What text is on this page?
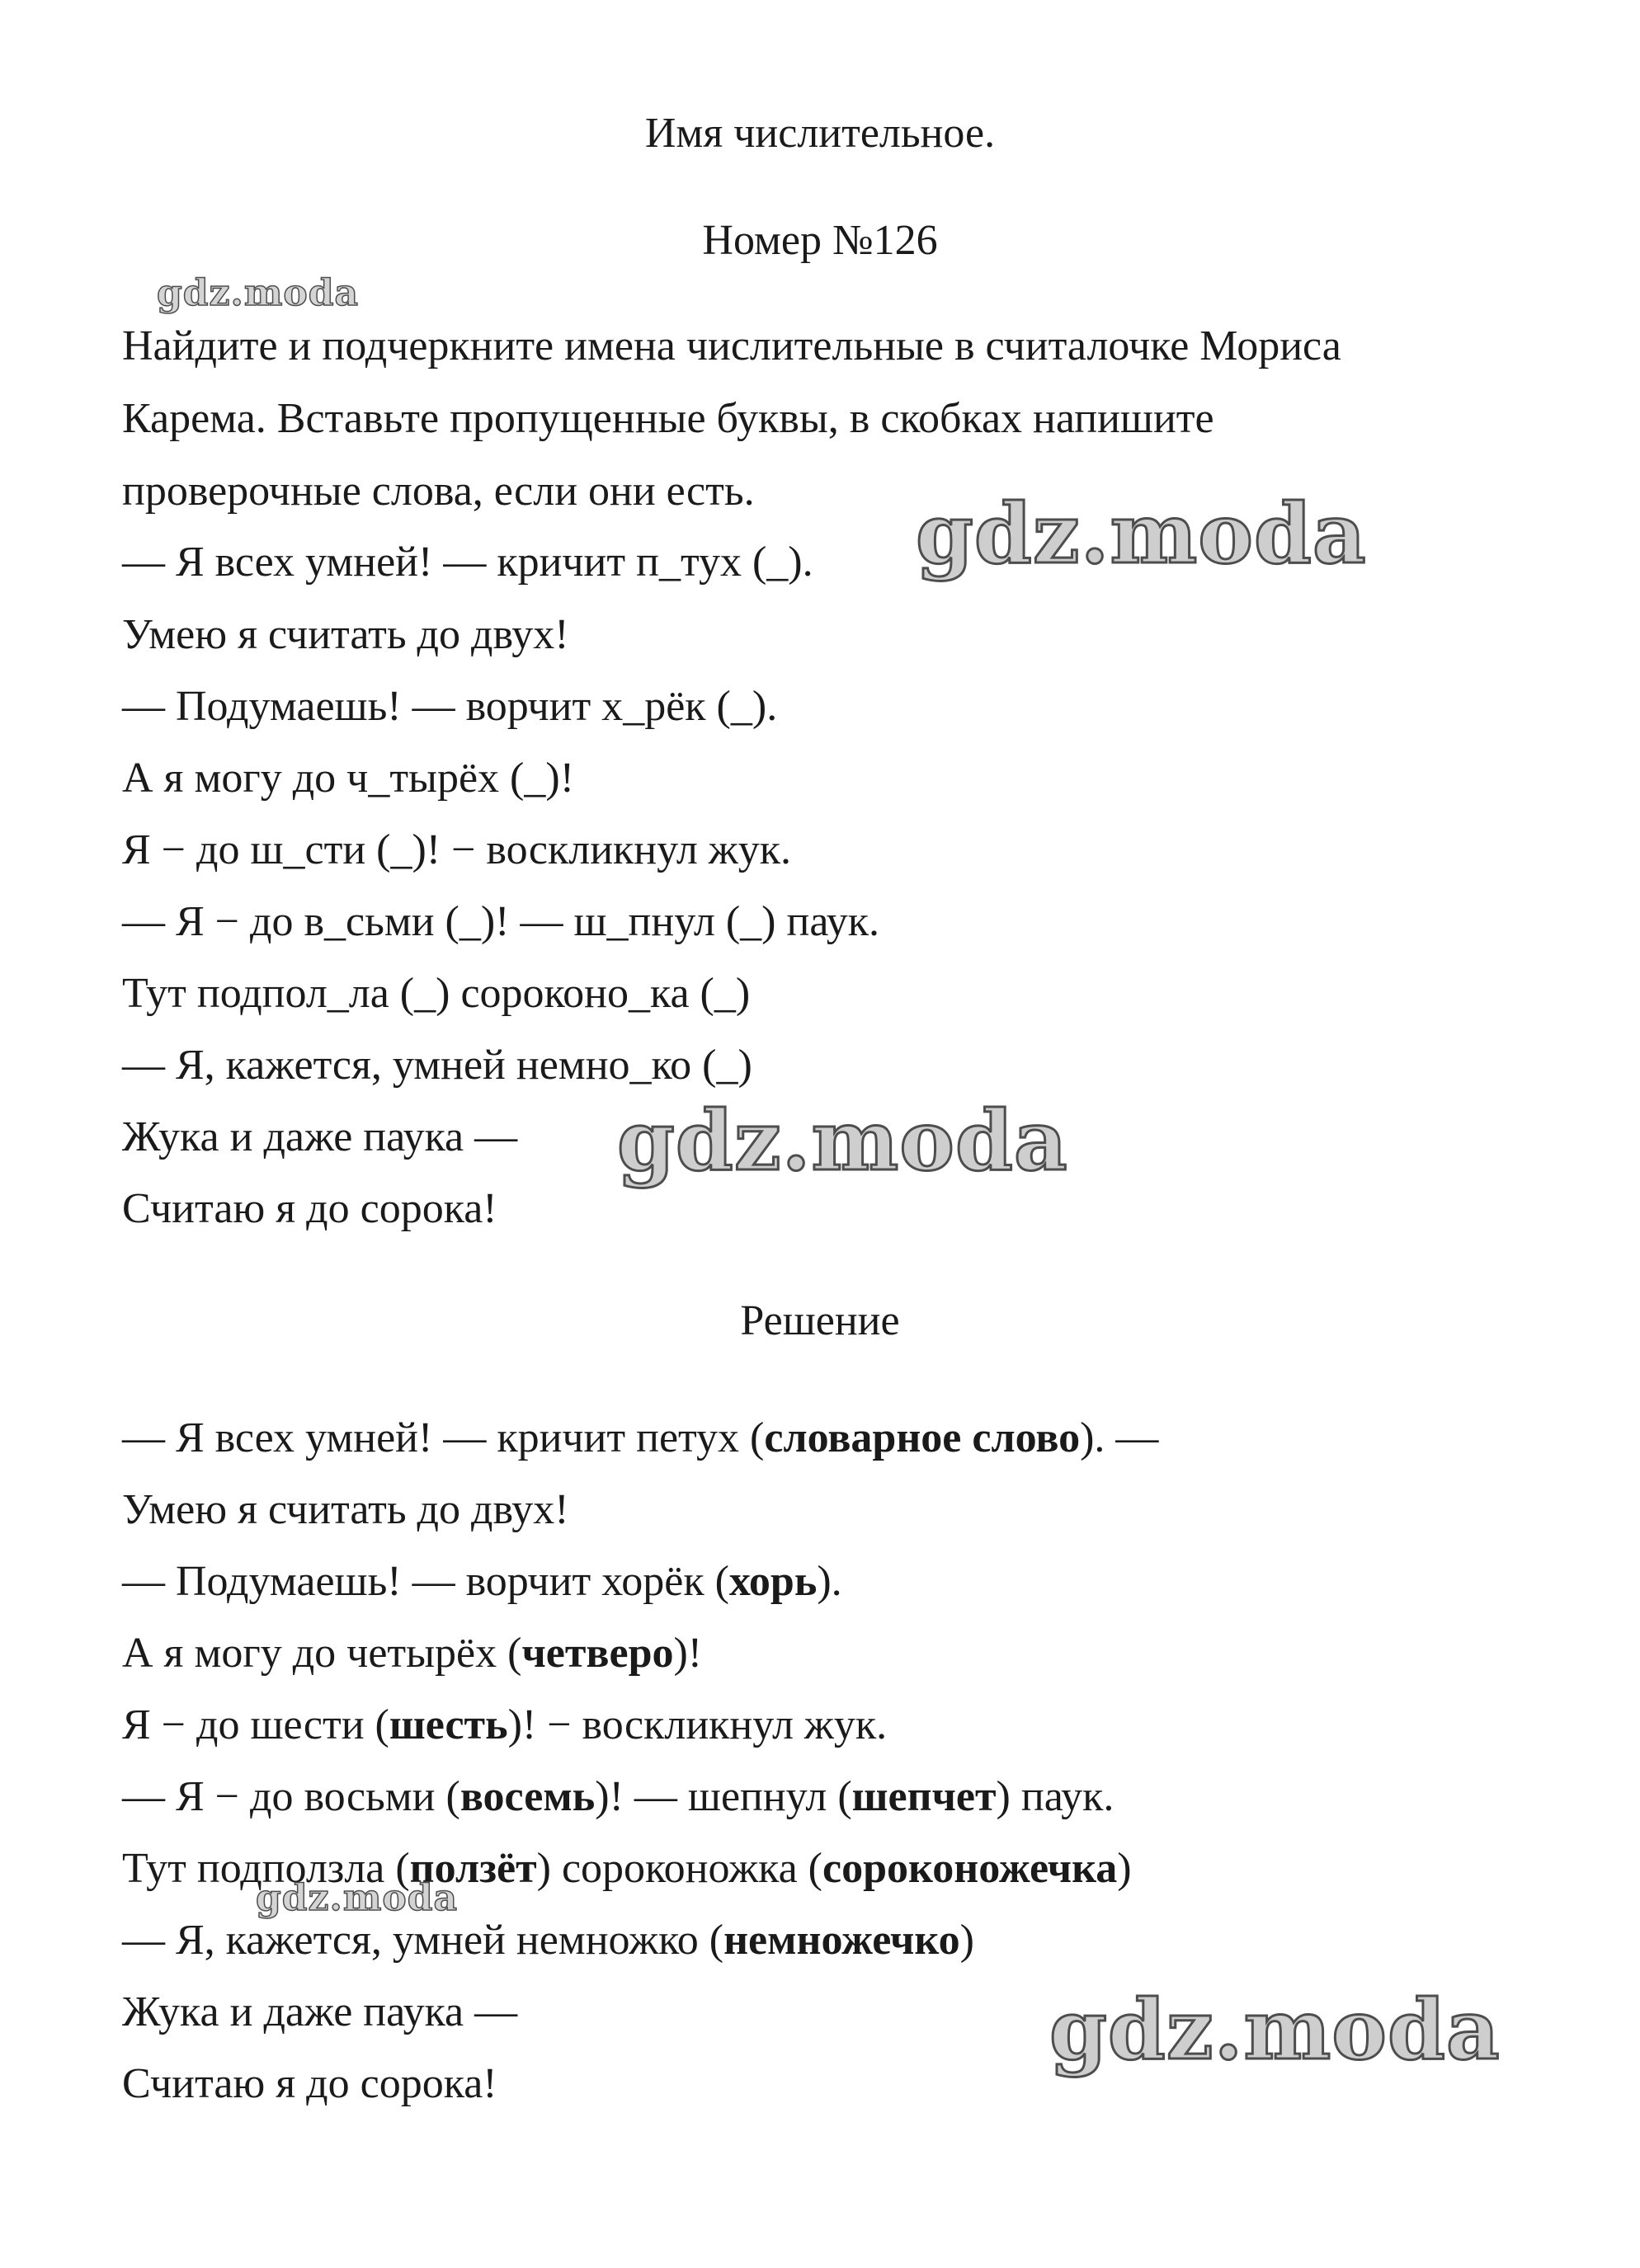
Имя числительное.
Номер №126
Найдите и подчеркните имена числительные в считалочке Мориса
Карема. Вставьте пропущенные буквы, в скобках напишите
проверочные слова, если они есть.
— Я всех умней! — кричит п_тух (_).
Умею я считать до двух!
— Подумаешь! — ворчит х_рёк (_).
А я могу до ч_тырёх (_)!
Я − до ш_сти (_)! − воскликнул жук.
— Я − до в_сьми (_)! — ш_пнул (_) паук.
Тут подпол_ла (_) сороконо_ка (_)
— Я, кажется, умней немно_ко (_)
Жука и даже паука —
Считаю я до сорока!
Решение
— Я всех умней! — кричит петух (словарное слово). —
Умею я считать до двух!
— Подумаешь! — ворчит хорёк (хорь).
А я могу до четырёх (четверо)!
Я − до шести (шесть)! − воскликнул жук.
— Я − до восьми (восемь)! — шепнул (шепчет) паук.
Тут подползла (ползёт) сороконожка (сороконожечка)
— Я, кажется, умней немножко (немножечко)
Жука и даже паука —
Считаю я до сорока!
gdz.moda
gdz.moda
gdz.moda
gdz.moda
gdz.moda
